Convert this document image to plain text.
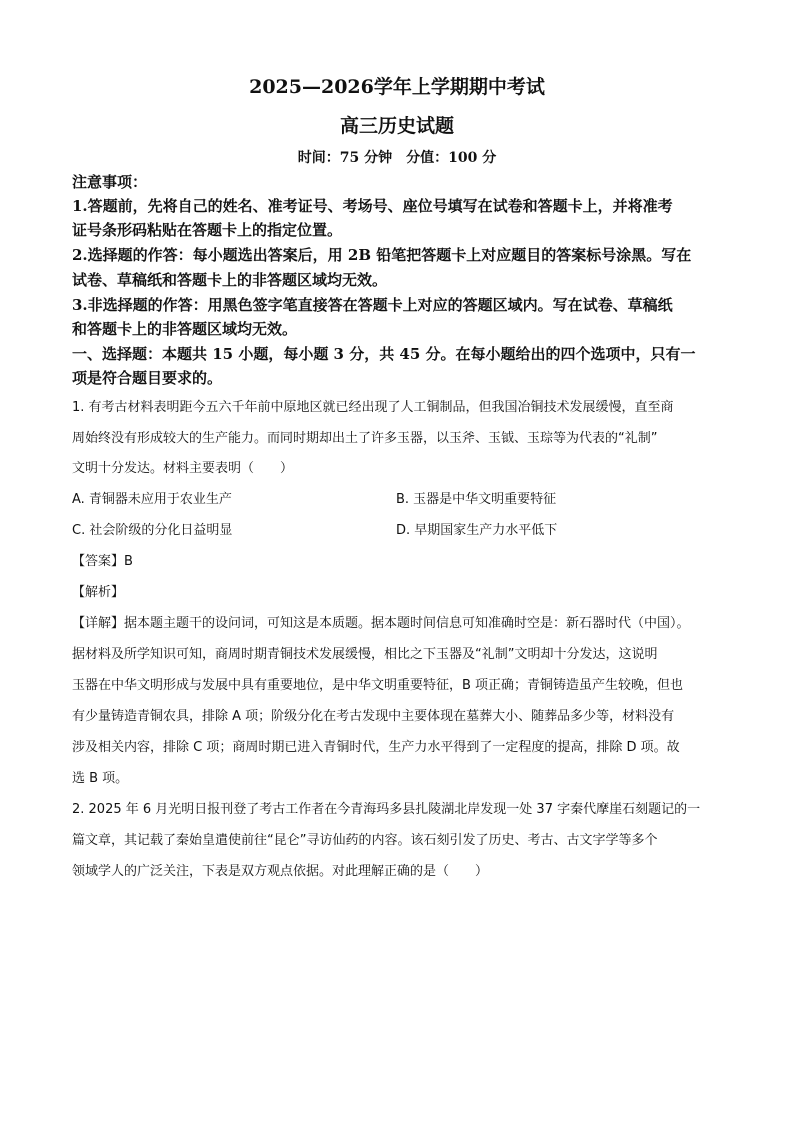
2025—2026学年上学期期中考试
高三历史试题
时间：75 分钟 分值：100 分
注意事项：
1.答题前，先将自己的姓名、准考证号、考场号、座位号填写在试卷和答题卡上，并将准考
证号条形码粘贴在答题卡上的指定位置。
2.选择题的作答：每小题选出答案后，用 2B 铅笔把答题卡上对应题目的答案标号涂黑。写在
试卷、草稿纸和答题卡上的非答题区域均无效。
3.非选择题的作答：用黑色签字笔直接答在答题卡上对应的答题区域内。写在试卷、草稿纸
和答题卡上的非答题区域均无效。
一、选择题：本题共 15 小题，每小题 3 分，共 45 分。在每小题给出的四个选项中，只有一
项是符合题目要求的。
1. 有考古材料表明距今五六千年前中原地区就已经出现了人工铜制品，但我国冶铜技术发展缓慢，直至商
周始终没有形成较大的生产能力。而同时期却出土了许多玉器，以玉斧、玉钺、玉琮等为代表的“礼制”
文明十分发达。材料主要表明（　　）
A. 青铜器未应用于农业生产	B. 玉器是中华文明重要特征
C. 社会阶级的分化日益明显	D. 早期国家生产力水平低下
【答案】B
【解析】
【详解】据本题主题干的设问词，可知这是本质题。据本题时间信息可知准确时空是：新石器时代（中国）。
据材料及所学知识可知，商周时期青铜技术发展缓慢，相比之下玉器及“礼制”文明却十分发达，这说明
玉器在中华文明形成与发展中具有重要地位，是中华文明重要特征，B 项正确；青铜铸造虽产生较晚，但也
有少量铸造青铜农具，排除 A 项；阶级分化在考古发现中主要体现在墓葬大小、随葬品多少等，材料没有
涉及相关内容，排除 C 项；商周时期已进入青铜时代，生产力水平得到了一定程度的提高，排除 D 项。故
选 B 项。
2. 2025 年 6 月光明日报刊登了考古工作者在今青海玛多县扎陵湖北岸发现一处 37 字秦代摩崖石刻题记的一
篇文章，其记载了秦始皇遣使前往“昆仑”寻访仙药的内容。该石刻引发了历史、考古、古文字学等多个
领域学人的广泛关注，下表是双方观点依据。对此理解正确的是（　　）
